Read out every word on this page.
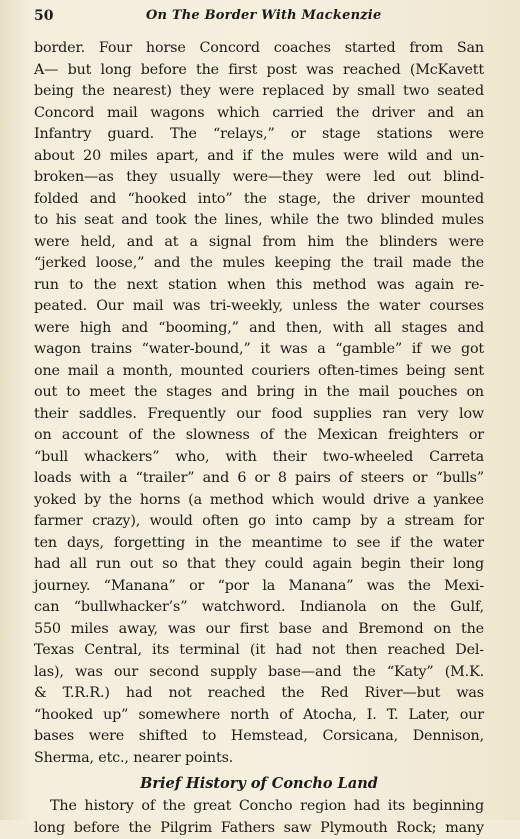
50	On The Border With Mackenzie
border. Four horse Concord coaches started from San
A— but long before the first post was reached (McKavett
being the nearest) they were replaced by small two seated
Concord mail wagons which carried the driver and an
Infantry guard. The “relays,” or stage stations were
about 20 miles apart, and if the mules were wild and un-
broken—as they usually were—they were led out blind-
folded and “hooked into” the stage, the driver mounted
to his seat and took the lines, while the two blinded mules
were held, and at a signal from him the blinders were
“jerked loose,” and the mules keeping the trail made the
run to the next station when this method was again re-
peated. Our mail was tri-weekly, unless the water courses
were high and “booming,” and then, with all stages and
wagon trains “water-bound,” it was a “gamble” if we got
one mail a month, mounted couriers often-times being sent
out to meet the stages and bring in the mail pouches on
their saddles. Frequently our food supplies ran very low
on account of the slowness of the Mexican freighters or
“bull whackers” who, with their two-wheeled Carreta
loads with a “trailer” and 6 or 8 pairs of steers or “bulls”
yoked by the horns (a method which would drive a yankee
farmer crazy), would often go into camp by a stream for
ten days, forgetting in the meantime to see if the water
had all run out so that they could again begin their long
journey. “Manana” or “por la Manana” was the Mexi-
can “bullwhacker’s” watchword. Indianola on the Gulf,
550 miles away, was our first base and Bremond on the
Texas Central, its terminal (it had not then reached Del-
las), was our second supply base—and the “Katy” (M.K.
& T.R.R.) had not reached the Red River—but was
“hooked up” somewhere north of Atocha, I. T. Later, our
bases were shifted to Hemstead, Corsicana, Dennison,
Sherma, etc., nearer points.
Brief History of Concho Land
The history of the great Concho region had its beginning
long before the Pilgrim Fathers saw Plymouth Rock; many
